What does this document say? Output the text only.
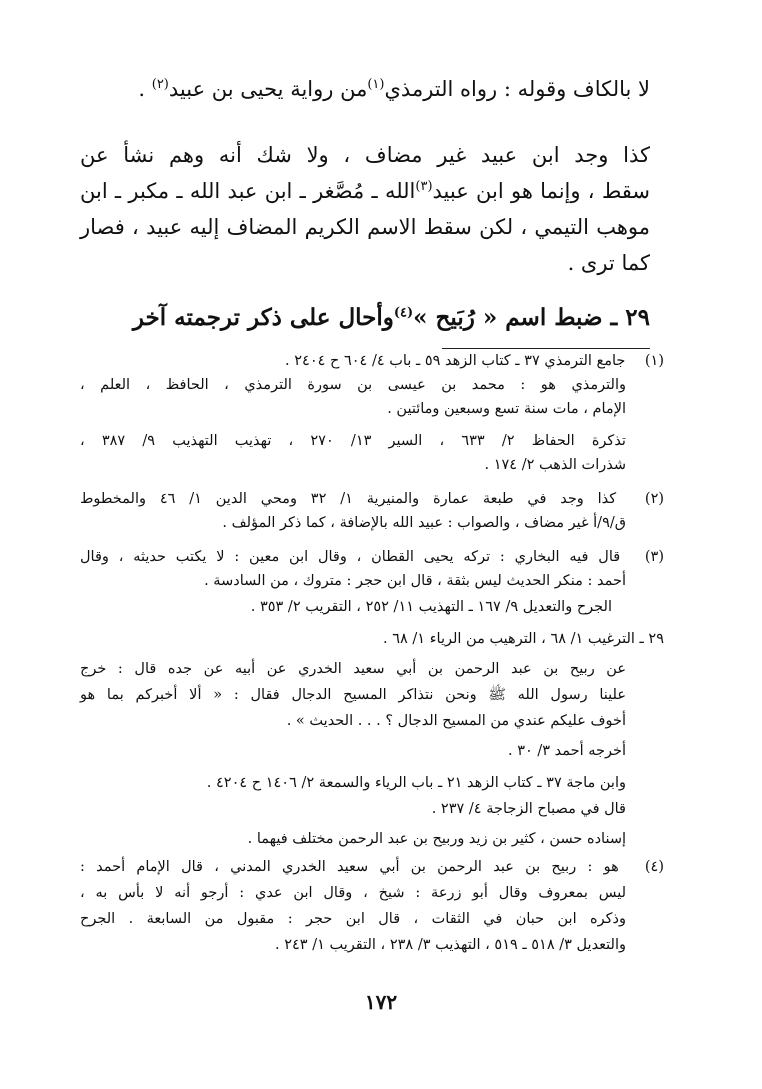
لا بالكاف وقوله : رواه الترمذي$^{(١)}$من رواية يحيى بن عبيد$^{(٢)}$ .
كذا وجد ابن عبيد غير مضاف ، ولا شك أنه وهم نشأ عن
سقط ، وإنما هو ابن عبيد$^{(٣)}$الله ـ مُصَّغر ـ ابن عبد الله ـ مكبر ـ ابن
موهب التيمي ، لكن سقط الاسم الكريم المضاف إليه عبيد ، فصار
كما ترى .
٢٩ ـ ضبط اسم « رُبَيح »$^{(٤)}$وأحال على ذكر ترجمته آخر
(١) جامع الترمذي ٣٧ ـ كتاب الزهد ٥٩ ـ باب ٤/ ٦٠٤ ح ٢٤٠٤ .
والترمذي هو : محمد بن عيسى بن سورة الترمذي ، الحافظ ، العلم ،
الإمام ، مات سنة تسع وسبعين ومائتين .
تذكرة الحفاظ ٢/ ٦٣٣ ، السير ١٣/ ٢٧٠ ، تهذيب التهذيب ٩/ ٣٨٧ ،
شذرات الذهب ٢/ ١٧٤ .
(٢) كذا وجد في طبعة عمارة والمنيرية ١/ ٣٢ ومحي الدين ١/ ٤٦ والمخطوط
ق/٩/أ غير مضاف ، والصواب : عبيد الله بالإضافة ، كما ذكر المؤلف .
(٣) قال فيه البخاري : تركه يحيى القطان ، وقال ابن معين : لا يكتب حديثه ، وقال
أحمد : منكر الحديث ليس بثقة ، قال ابن حجر : متروك ، من السادسة .
الجرح والتعديل ٩/ ١٦٧ ـ التهذيب ١١/ ٢٥٢ ، التقريب ٢/ ٣٥٣ .
٢٩ ـ الترغيب ١/ ٦٨ ، الترهيب من الرياء ١/ ٦٨ .
عن ربيح بن عبد الرحمن بن أبي سعيد الخدري عن أبيه عن جده قال : خرج
علينا رسول الله ﷺ ونحن نتذاكر المسيح الدجال فقال : « ألا أخبركم بما هو
أخوف عليكم عندي من المسيح الدجال ؟ . . . الحديث » .
أخرجه أحمد ٣/ ٣٠ .
وابن ماجة ٣٧ ـ كتاب الزهد ٢١ ـ باب الرياء والسمعة ٢/ ١٤٠٦ ح ٤٢٠٤ .
قال في مصباح الزجاجة ٤/ ٢٣٧ .
إسناده حسن ، كثير بن زيد وربيح بن عبد الرحمن مختلف فيهما .
(٤) هو : ربيح بن عبد الرحمن بن أبي سعيد الخدري المدني ، قال الإمام أحمد :
ليس بمعروف وقال أبو زرعة : شيخ ، وقال ابن عدي : أرجو أنه لا بأس به ،
وذكره ابن حبان في الثقات ، قال ابن حجر : مقبول من السابعة . الجرح
والتعديل ٣/ ٥١٨ ـ ٥١٩ ، التهذيب ٣/ ٢٣٨ ، التقريب ١/ ٢٤٣ .
١٧٢
